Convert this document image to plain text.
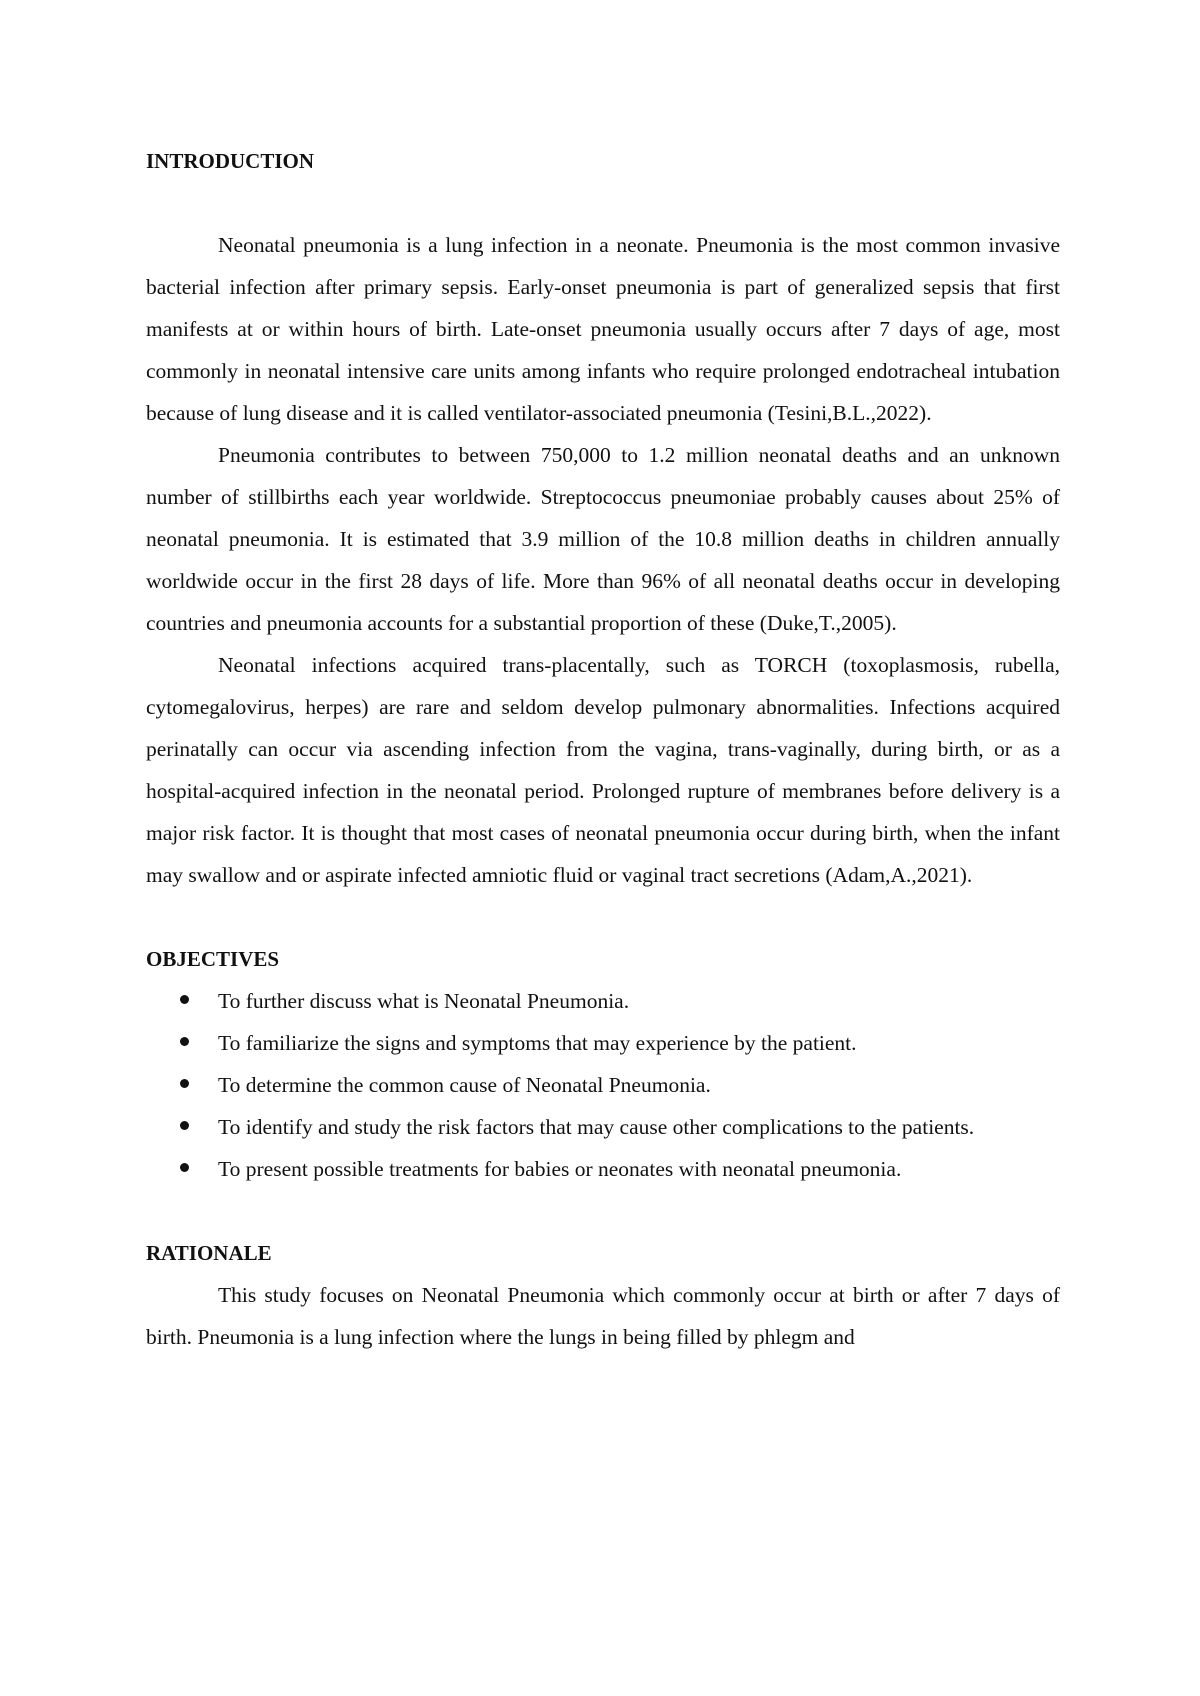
INTRODUCTION

Neonatal pneumonia is a lung infection in a neonate. Pneumonia is the most common invasive bacterial infection after primary sepsis. Early-onset pneumonia is part of generalized sepsis that first manifests at or within hours of birth. Late-onset pneumonia usually occurs after 7 days of age, most commonly in neonatal intensive care units among infants who require prolonged endotracheal intubation because of lung disease and it is called ventilator-associated pneumonia (Tesini,B.L.,2022).

Pneumonia contributes to between 750,000 to 1.2 million neonatal deaths and an unknown number of stillbirths each year worldwide. Streptococcus pneumoniae probably causes about 25% of neonatal pneumonia. It is estimated that 3.9 million of the 10.8 million deaths in children annually worldwide occur in the first 28 days of life. More than 96% of all neonatal deaths occur in developing countries and pneumonia accounts for a substantial proportion of these (Duke,T.,2005).

Neonatal infections acquired trans-placentally, such as TORCH (toxoplasmosis, rubella, cytomegalovirus, herpes) are rare and seldom develop pulmonary abnormalities. Infections acquired perinatally can occur via ascending infection from the vagina, trans-vaginally, during birth, or as a hospital-acquired infection in the neonatal period. Prolonged rupture of membranes before delivery is a major risk factor. It is thought that most cases of neonatal pneumonia occur during birth, when the infant may swallow and or aspirate infected amniotic fluid or vaginal tract secretions (Adam,A.,2021).

OBJECTIVES
To further discuss what is Neonatal Pneumonia.
To familiarize the signs and symptoms that may experience by the patient.
To determine the common cause of Neonatal Pneumonia.
To identify and study the risk factors that may cause other complications to the patients.
To present possible treatments for babies or neonates with neonatal pneumonia.
RATIONALE

This study focuses on Neonatal Pneumonia which commonly occur at birth or after 7 days of birth. Pneumonia is a lung infection where the lungs in being filled by phlegm and
